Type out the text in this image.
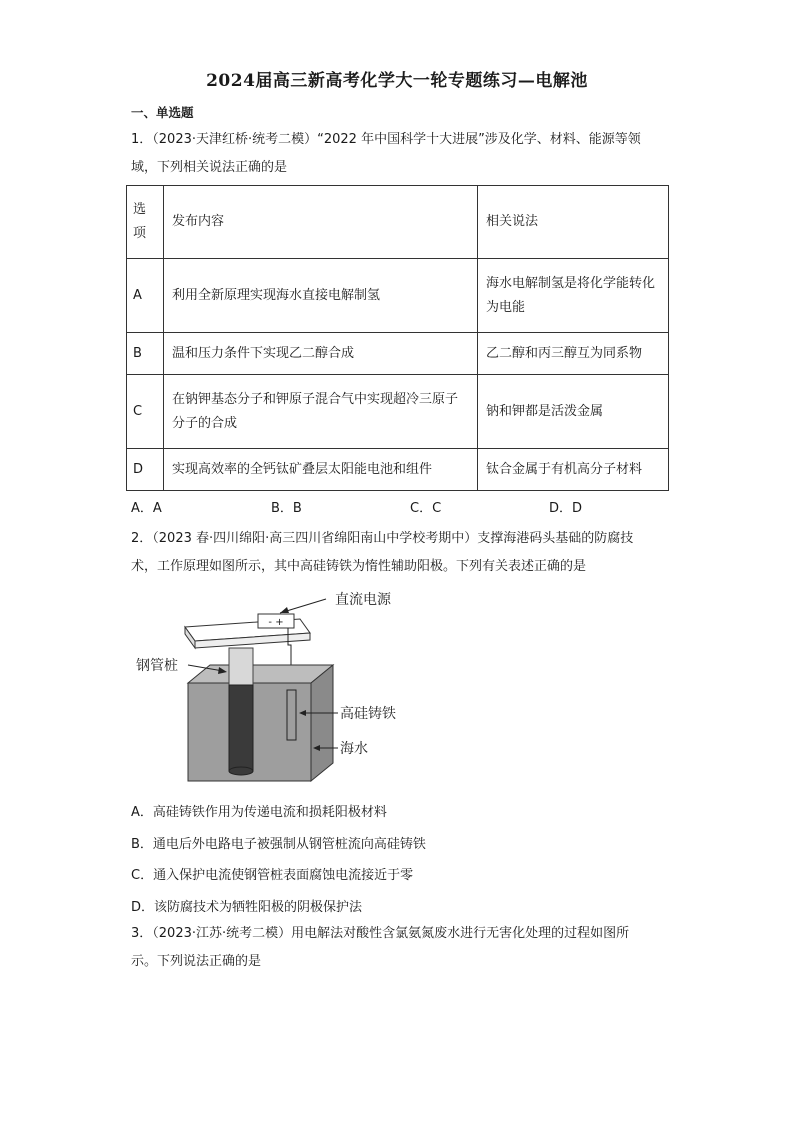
2024届高三新高考化学大一轮专题练习—电解池
一、单选题
1．（2023·天津红桥·统考二模）“2022 年中国科学十大进展”涉及化学、材料、能源等领
域，下列相关说法正确的是
选项	发布内容	相关说法
A	利用全新原理实现海水直接电解制氢	海水电解制氢是将化学能转化为电能
B	温和压力条件下实现乙二醇合成	乙二醇和丙三醇互为同系物
C	在钠钾基态分子和钾原子混合气中实现超冷三原子分子的合成	钠和钾都是活泼金属
D	实现高效率的全钙钛矿叠层太阳能电池和组件	钛合金属于有机高分子材料
A．A	B．B	C．C	D．D
2．（2023 春·四川绵阳·高三四川省绵阳南山中学校考期中）支撑海港码头基础的防腐技
术，工作原理如图所示，其中高硅铸铁为惰性辅助阳极。下列有关表述正确的是
- +
直流电源
钢管桩
高硅铸铁
海水
A．高硅铸铁作用为传递电流和损耗阳极材料
B．通电后外电路电子被强制从钢管桩流向高硅铸铁
C．通入保护电流使钢管桩表面腐蚀电流接近于零
D．该防腐技术为牺牲阳极的阴极保护法
3．（2023·江苏·统考二模）用电解法对酸性含氯氨氮废水进行无害化处理的过程如图所
示。下列说法正确的是
